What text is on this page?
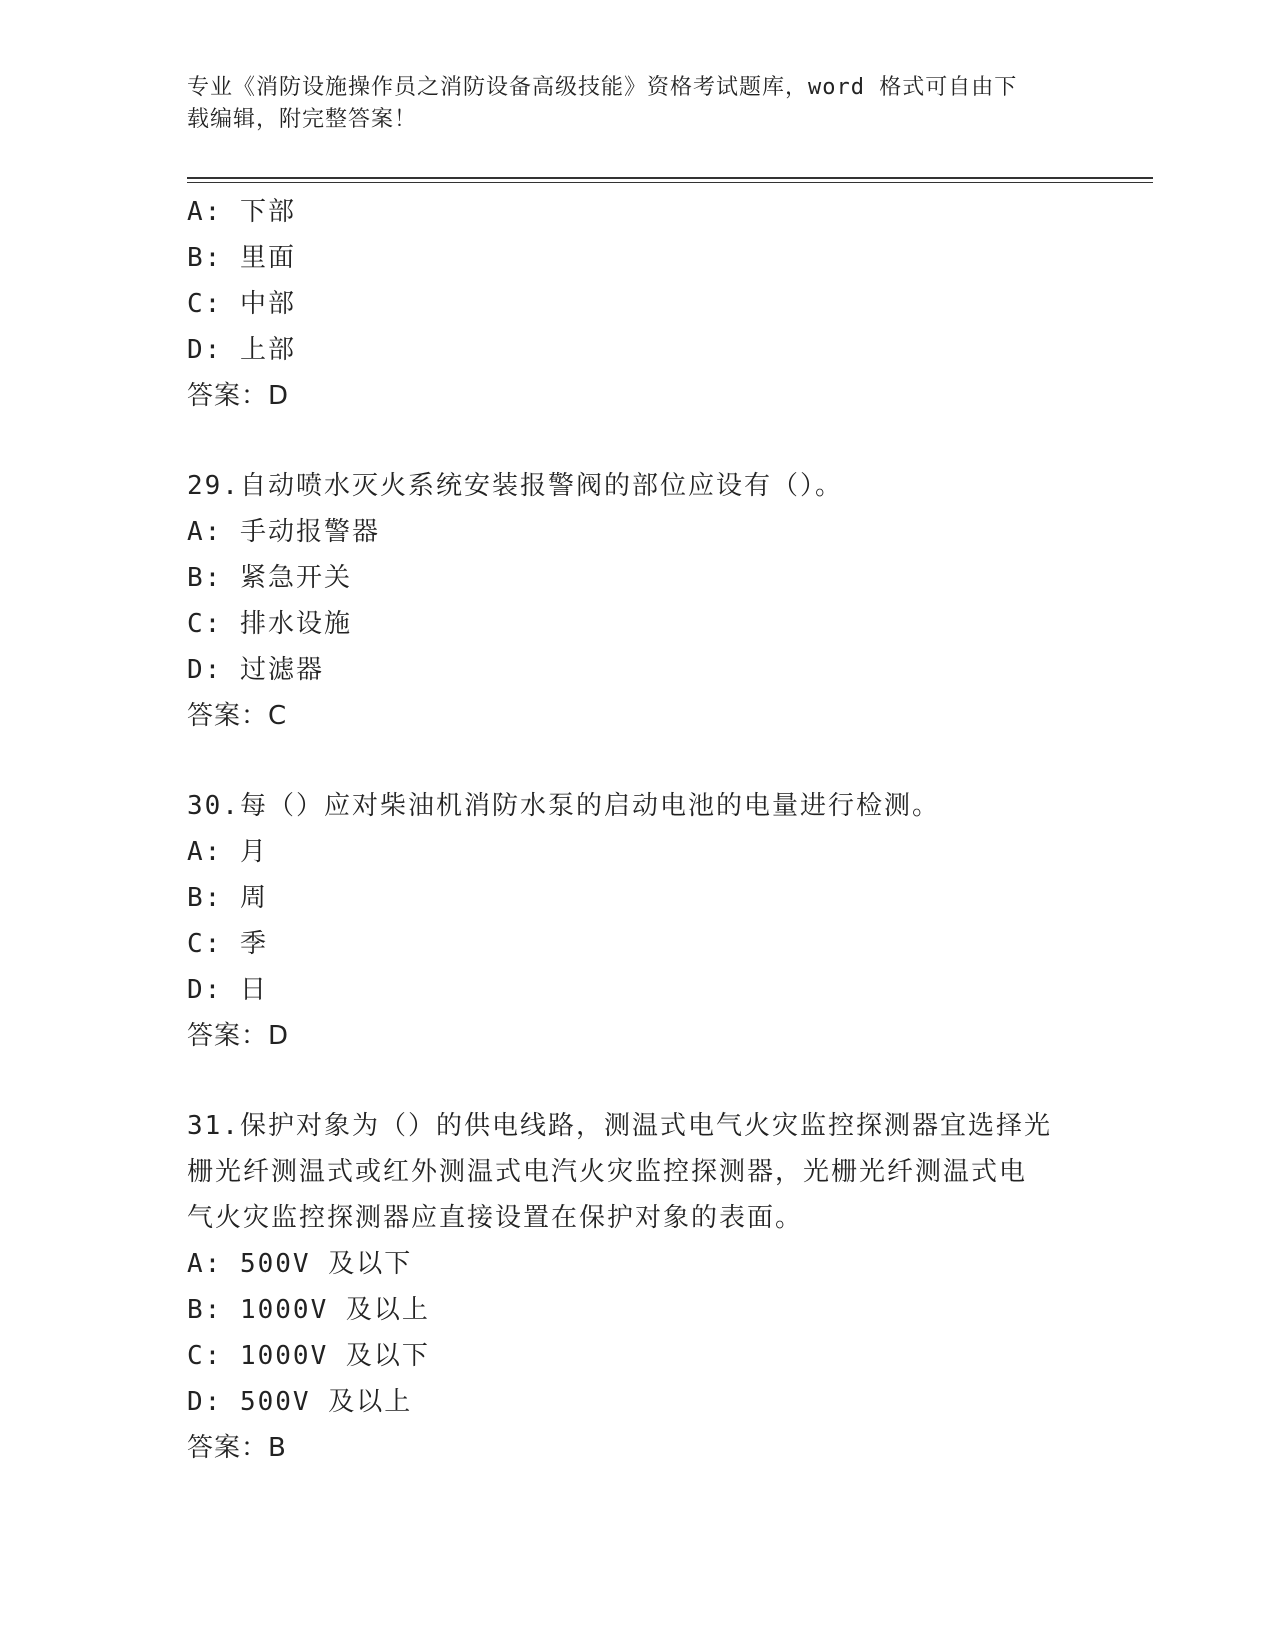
专业《消防设施操作员之消防设备高级技能》资格考试题库，word 格式可自由下
载编辑，附完整答案！
A: 下部
B: 里面
C: 中部
D: 上部
答案：D
29.自动喷水灭火系统安装报警阀的部位应设有（）。
A: 手动报警器
B: 紧急开关
C: 排水设施
D: 过滤器
答案：C
30.每（）应对柴油机消防水泵的启动电池的电量进行检测。
A: 月
B: 周
C: 季
D: 日
答案：D
31.保护对象为（）的供电线路，测温式电气火灾监控探测器宜选择光
栅光纤测温式或红外测温式电汽火灾监控探测器，光栅光纤测温式电
气火灾监控探测器应直接设置在保护对象的表面。
A: 500V 及以下
B: 1000V 及以上
C: 1000V 及以下
D: 500V 及以上
答案：B
